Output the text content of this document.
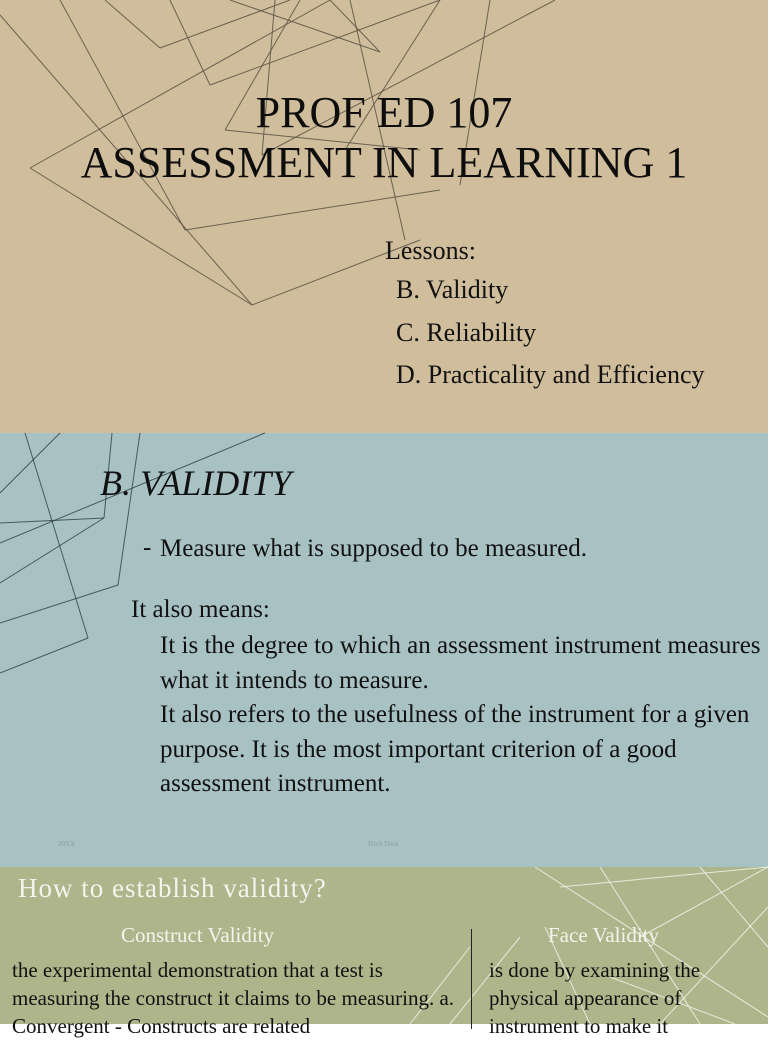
PROF ED 107
ASSESSMENT IN LEARNING 1
Lessons:
B. Validity
C. Reliability
D. Practicality and Efficiency
B. VALIDITY
- Measure what is supposed to be measured.
It also means:

It is the degree to which an assessment instrument measures what it intends to measure.

It also refers to the usefulness of the instrument for a given purpose. It is the most important criterion of a good assessment instrument.

20XX	Pitch Deck
How to establish validity?
Construct Validity	Face Validity
the experimental demonstration that a test is measuring the construct it claims to be measuring. a. Convergent - Constructs are related
is done by examining the physical appearance of instrument to make it
